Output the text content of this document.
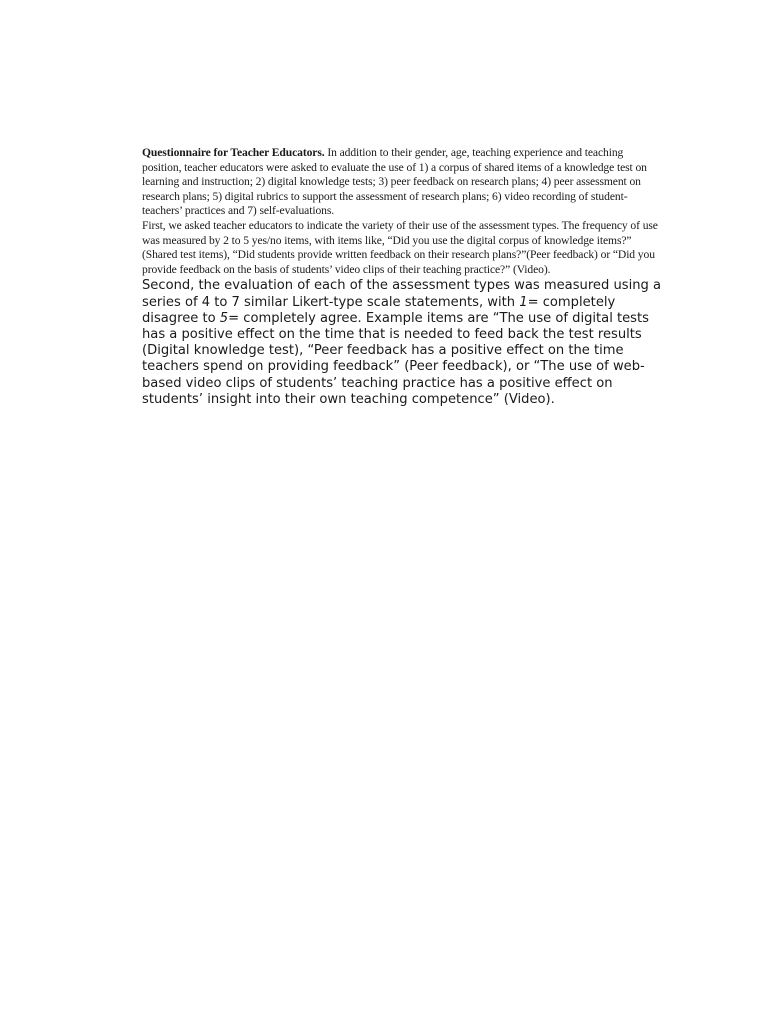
Questionnaire for Teacher Educators. In addition to their gender, age, teaching experience and teaching position, teacher educators were asked to evaluate the use of 1) a corpus of shared items of a knowledge test on learning and instruction; 2) digital knowledge tests; 3) peer feedback on research plans; 4) peer assessment on research plans; 5) digital rubrics to support the assessment of research plans; 6) video recording of student-teachers’ practices and 7) self-evaluations.

First, we asked teacher educators to indicate the variety of their use of the assessment types. The frequency of use was measured by 2 to 5 yes/no items, with items like, “Did you use the digital corpus of knowledge items?” (Shared test items), “Did students provide written feedback on their research plans?”(Peer feedback) or “Did you provide feedback on the basis of students’ video clips of their teaching practice?” (Video).

Second, the evaluation of each of the assessment types was measured using a series of 4 to 7 similar Likert-type scale statements, with 1= completely disagree to 5= completely agree. Example items are “The use of digital tests has a positive effect on the time that is needed to feed back the test results (Digital knowledge test), “Peer feedback has a positive effect on the time teachers spend on providing feedback” (Peer feedback), or “The use of web-based video clips of students’ teaching practice has a positive effect on students’ insight into their own teaching competence” (Video).
